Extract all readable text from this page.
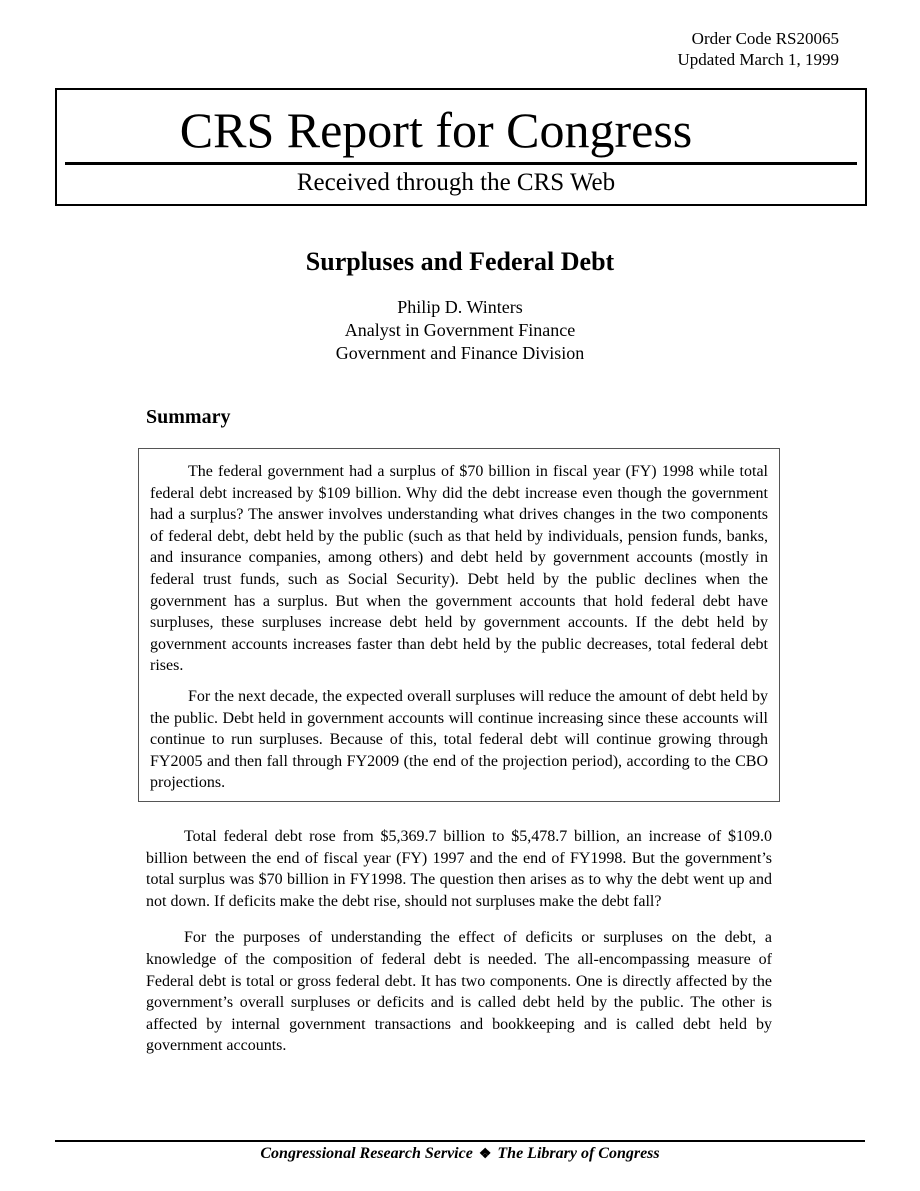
Order Code RS20065
Updated March 1, 1999
CRS Report for Congress
Received through the CRS Web
Surpluses and Federal Debt
Philip D. Winters
Analyst in Government Finance
Government and Finance Division
Summary

The federal government had a surplus of $70 billion in fiscal year (FY) 1998 while total federal debt increased by $109 billion. Why did the debt increase even though the government had a surplus? The answer involves understanding what drives changes in the two components of federal debt, debt held by the public (such as that held by individuals, pension funds, banks, and insurance companies, among others) and debt held by government accounts (mostly in federal trust funds, such as Social Security). Debt held by the public declines when the government has a surplus. But when the government accounts that hold federal debt have surpluses, these surpluses increase debt held by government accounts. If the debt held by government accounts increases faster than debt held by the public decreases, total federal debt rises.

For the next decade, the expected overall surpluses will reduce the amount of debt held by the public. Debt held in government accounts will continue increasing since these accounts will continue to run surpluses. Because of this, total federal debt will continue growing through FY2005 and then fall through FY2009 (the end of the projection period), according to the CBO projections.

Total federal debt rose from $5,369.7 billion to $5,478.7 billion, an increase of $109.0 billion between the end of fiscal year (FY) 1997 and the end of FY1998. But the government’s total surplus was $70 billion in FY1998. The question then arises as to why the debt went up and not down. If deficits make the debt rise, should not surpluses make the debt fall?

For the purposes of understanding the effect of deficits or surpluses on the debt, a knowledge of the composition of federal debt is needed. The all-encompassing measure of Federal debt is total or gross federal debt. It has two components. One is directly affected by the government’s overall surpluses or deficits and is called debt held by the public. The other is affected by internal government transactions and bookkeeping and is called debt held by government accounts.

Congressional Research Service ❖ The Library of Congress
